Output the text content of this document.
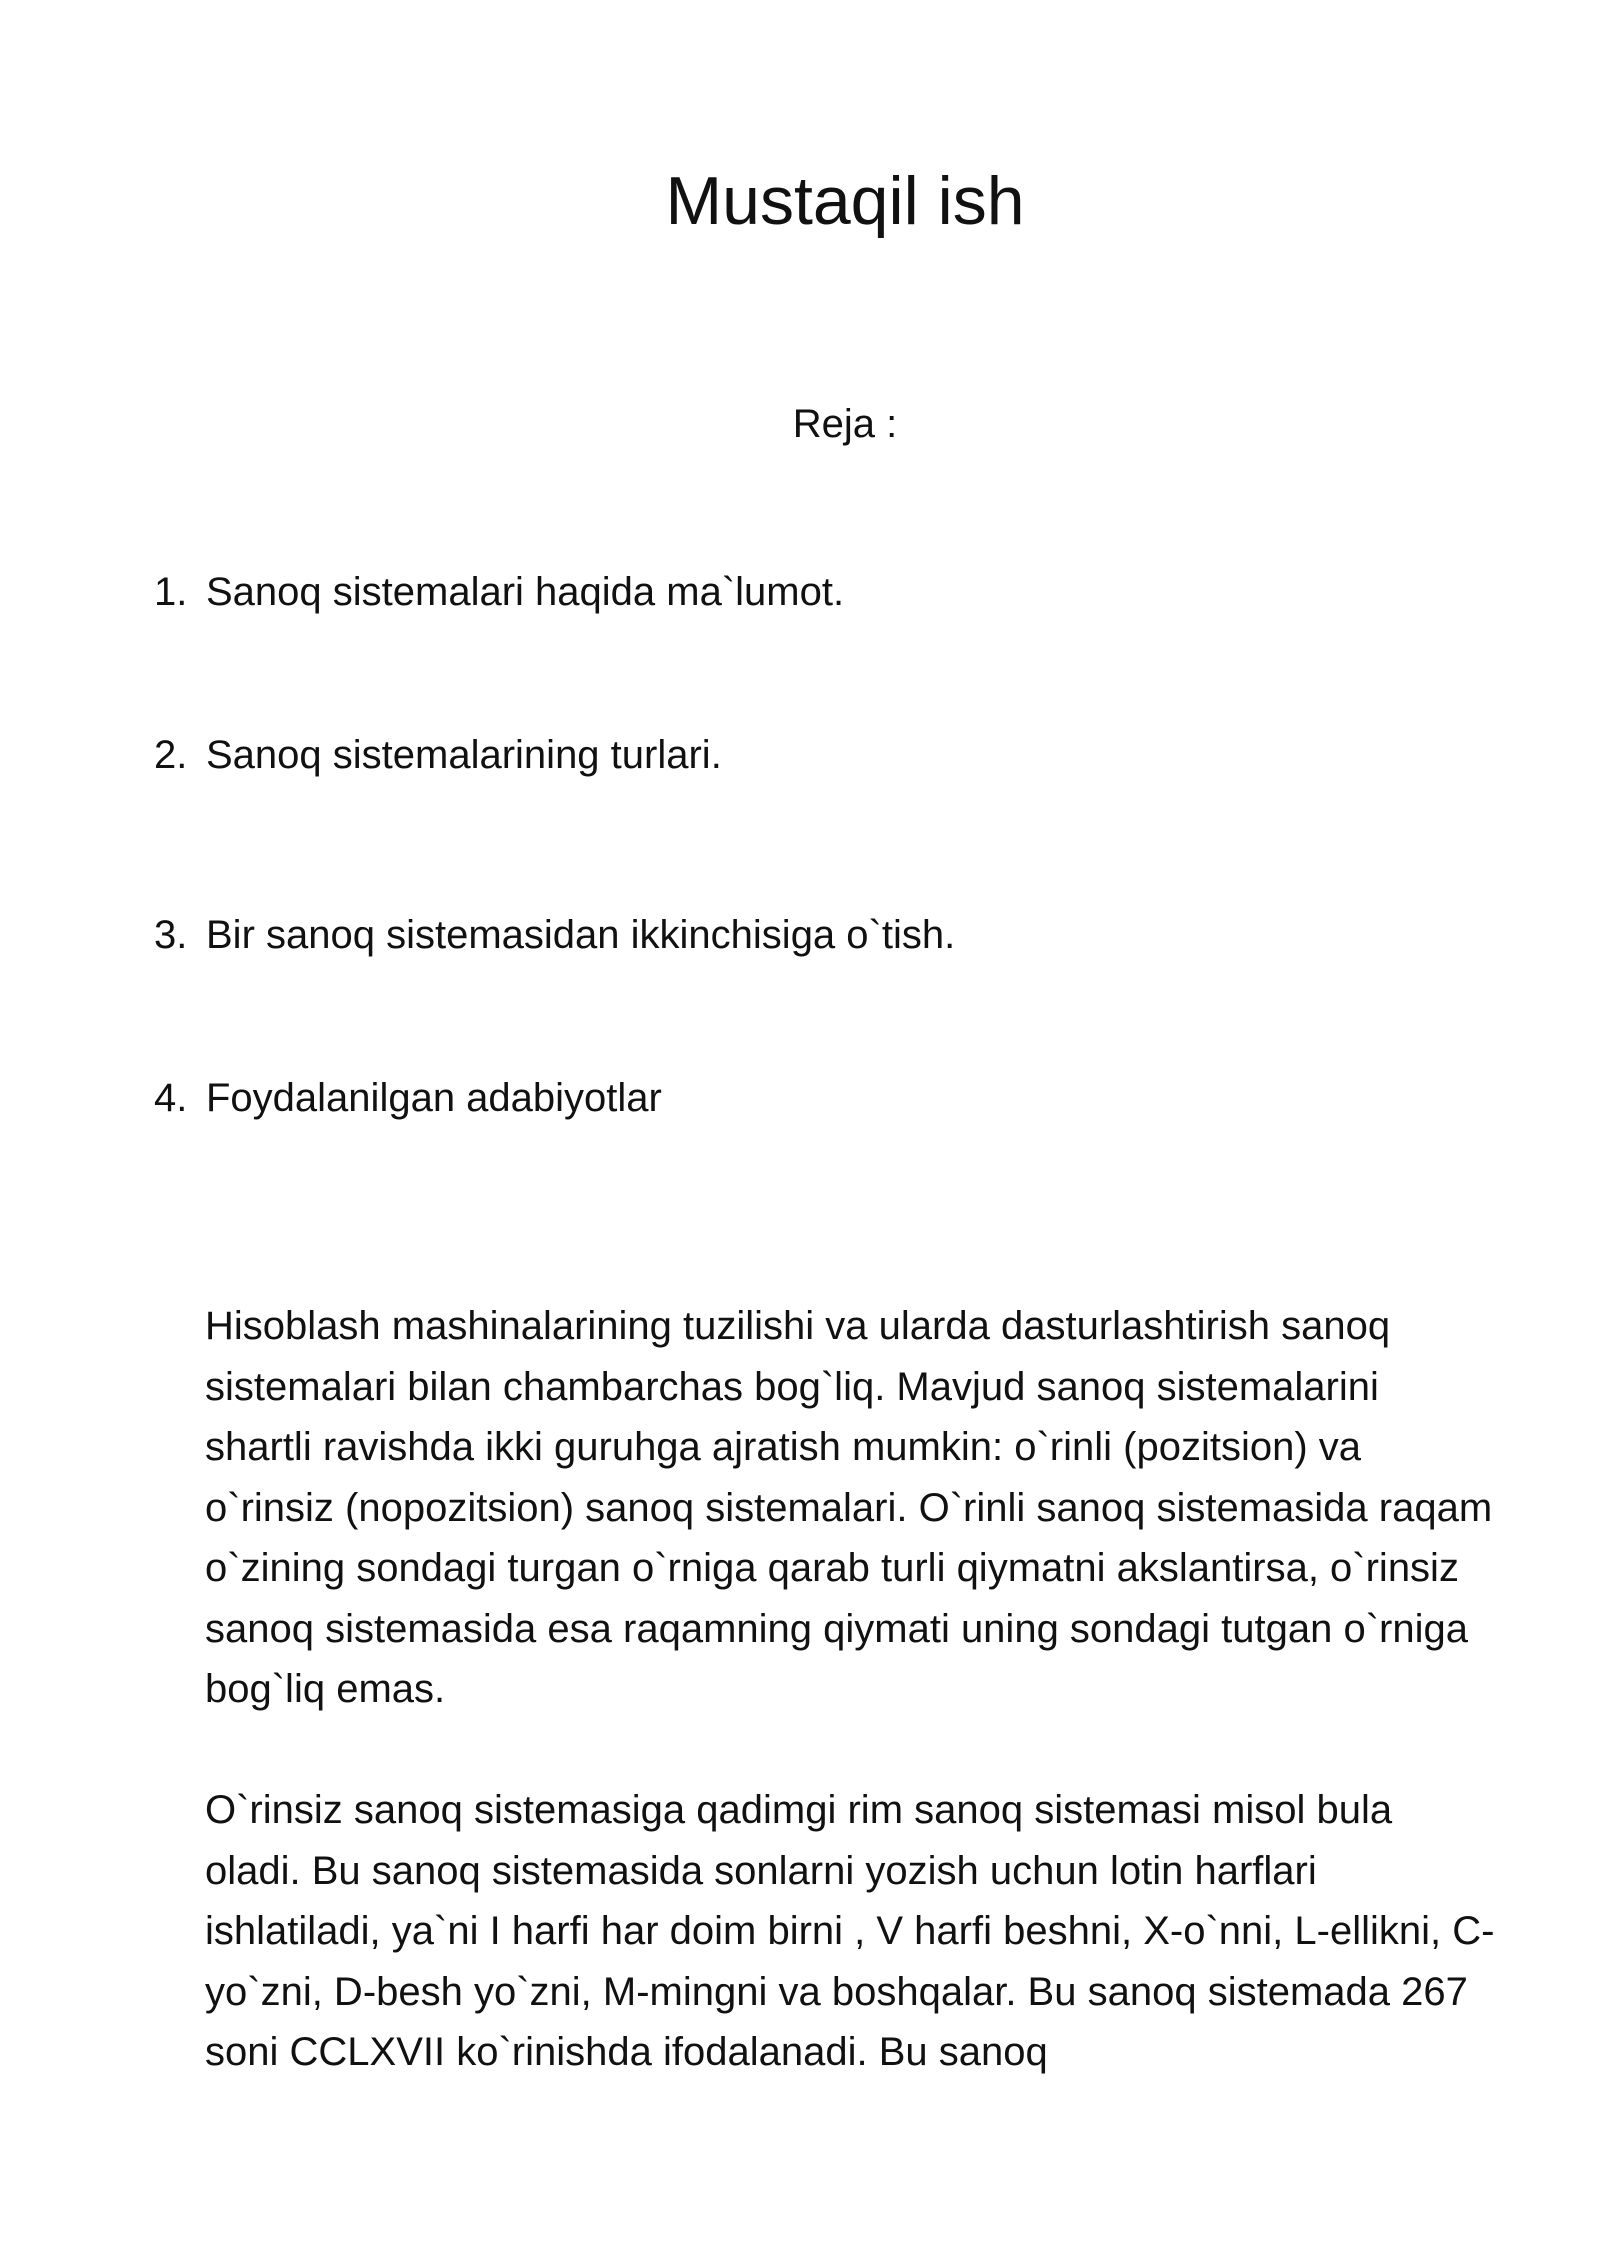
Mustaqil ish
Reja :
1. Sanoq sistemalari haqida ma`lumot.
2. Sanoq sistemalarining turlari.
3. Bir sanoq sistemasidan ikkinchisiga o`tish.
4. Foydalanilgan adabiyotlar

Hisoblash mashinalarining tuzilishi va ularda dasturlashtirish sanoq sistemalari bilan chambarchas bog`liq. Mavjud sanoq sistemalarini shartli ravishda ikki guruhga ajratish mumkin: o`rinli (pozitsion) va o`rinsiz (nopozitsion) sanoq sistemalari. O`rinli sanoq sistemasida raqam o`zining sondagi turgan o`rniga qarab turli qiymatni akslantirsa, o`rinsiz sanoq sistemasida esa raqamning qiymati uning sondagi tutgan o`rniga bog`liq emas.

O`rinsiz sanoq sistemasiga qadimgi rim sanoq sistemasi misol bula oladi. Bu sanoq sistemasida sonlarni yozish uchun lotin harflari ishlatiladi, ya`ni I harfi har doim birni , V harfi beshni, X-o`nni, L-ellikni, C-yo`zni, D-besh yo`zni, M-mingni va boshqalar. Bu sanoq sistemada 267 soni CCLXVII ko`rinishda ifodalanadi. Bu sanoq
